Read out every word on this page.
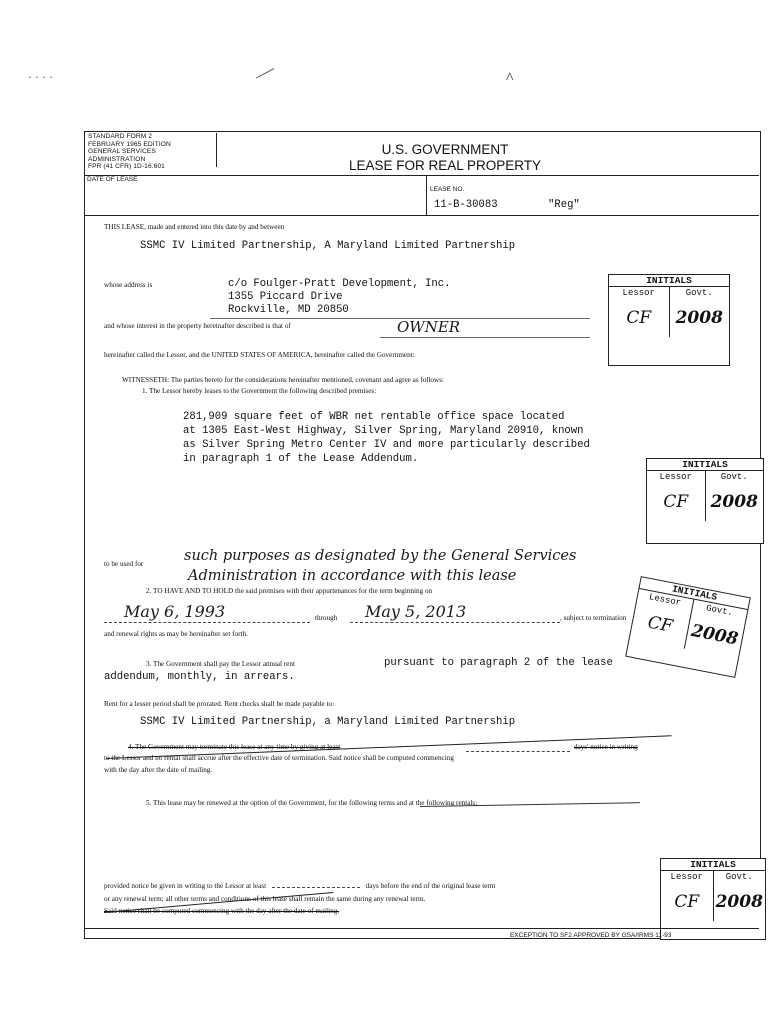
· · · ·	^
STANDARD FORM 2
FEBRUARY 1965 EDITION
GENERAL SERVICES
ADMINISTRATION
FPR (41 CFR) 1D-16.601
U.S. GOVERNMENT
LEASE FOR REAL PROPERTY
DATE OF LEASE
LEASE NO.
11-B-30083	"Reg"
THIS LEASE, made and entered into this date by and between
SSMC IV Limited Partnership, A Maryland Limited Partnership
whose address is	c/o Foulger-Pratt Development, Inc.
1355 Piccard Drive
Rockville, MD 20850
and whose interest in the property hereinafter described is that of	OWNER
hereinafter called the Lessor, and the UNITED STATES OF AMERICA, hereinafter called the Government:
INITIALS
Lessor	Govt.
CF	2008
WITNESSETH: The parties hereto for the considerations hereinafter mentioned, covenant and agree as follows:
1. The Lessor hereby leases to the Government the following described premises:
281,909 square feet of WBR net rentable office space located
at 1305 East-West Highway, Silver Spring, Maryland 20910, known
as Silver Spring Metro Center IV and more particularly described
in paragraph 1 of the Lease Addendum.	INITIALS
Lessor	Govt.
CF	2008
to be used for	such purposes as designated by the General Services
Administration in accordance with this lease
2. TO HAVE AND TO HOLD the said premises with their appurtenances for the term beginning on
May 6, 1993	through May 5, 2013	, subject to termination
and renewal rights as may be hereinafter set forth.
INITIALS
Lessor
Govt.
CF 2008
3. The Government shall pay the Lessor annual rent	pursuant to paragraph 2 of the lease
addendum, monthly, in arrears.
Rent for a lesser period shall be prorated. Rent checks shall be made payable to:
SSMC IV Limited Partnership, a Maryland Limited Partnership
4. The Government may terminate this lease at any time by giving at least	days' notice in writing
to the Lessor and no rental shall accrue after the effective date of termination. Said notice shall be computed commencing
with the day after the date of mailing.
5. This lease may be renewed at the option of the Government, for the following terms and at the following rentals:
INITIALS
Lessor	Govt.
CF 2008
provided notice be given in writing to the Lessor at least	days before the end of the original lease term
or any renewal term; all other terms and conditions of this lease shall remain the same during any renewal term.
Said notice shall be computed commencing with the day after the date of mailing.
EXCEPTION TO SF2 APPROVED BY GSA/IRMS 11-93
